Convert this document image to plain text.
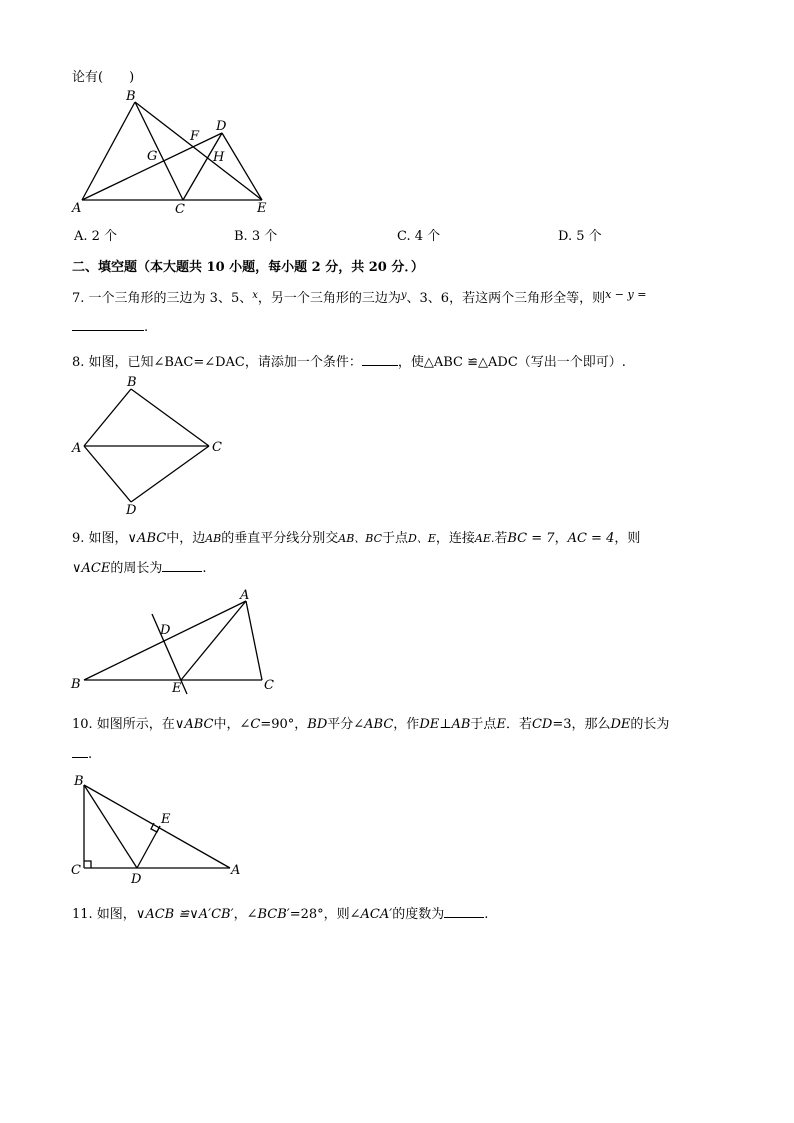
论有(　　)
A
B
C
D
E
F
G	H
A. 2 个	B. 3 个	C. 4 个	D. 5 个
二、填空题（本大题共 10 小题，每小题 2 分，共 20 分．）
7. 一个三角形的三边为 3、5、$^x$，另一个三角形的三边为$^y$、3、6，若这两个三角形全等，则$^{x - y =}$
.
8. 如图，已知∠BAC=∠DAC，请添加一个条件：	，使△ABC ≌△ADC（写出一个即可）.
A
B
C
D
9. 如图，∨ABC中，边AB的垂直平分线分别交AB、BC于点D、E，连接AE.若BC = 7，AC = 4，则
∨ACE的周长为	.
A
B	C
D
E
10. 如图所示，在∨ABC中，∠C=90°，BD平分∠ABC，作DE⊥AB于点E．若CD=3，那么DE的长为
.
B
C
D
E
A
11. 如图，∨ACB ≌∨A′CB′，∠BCB′=28°，则∠ACA′的度数为	.
